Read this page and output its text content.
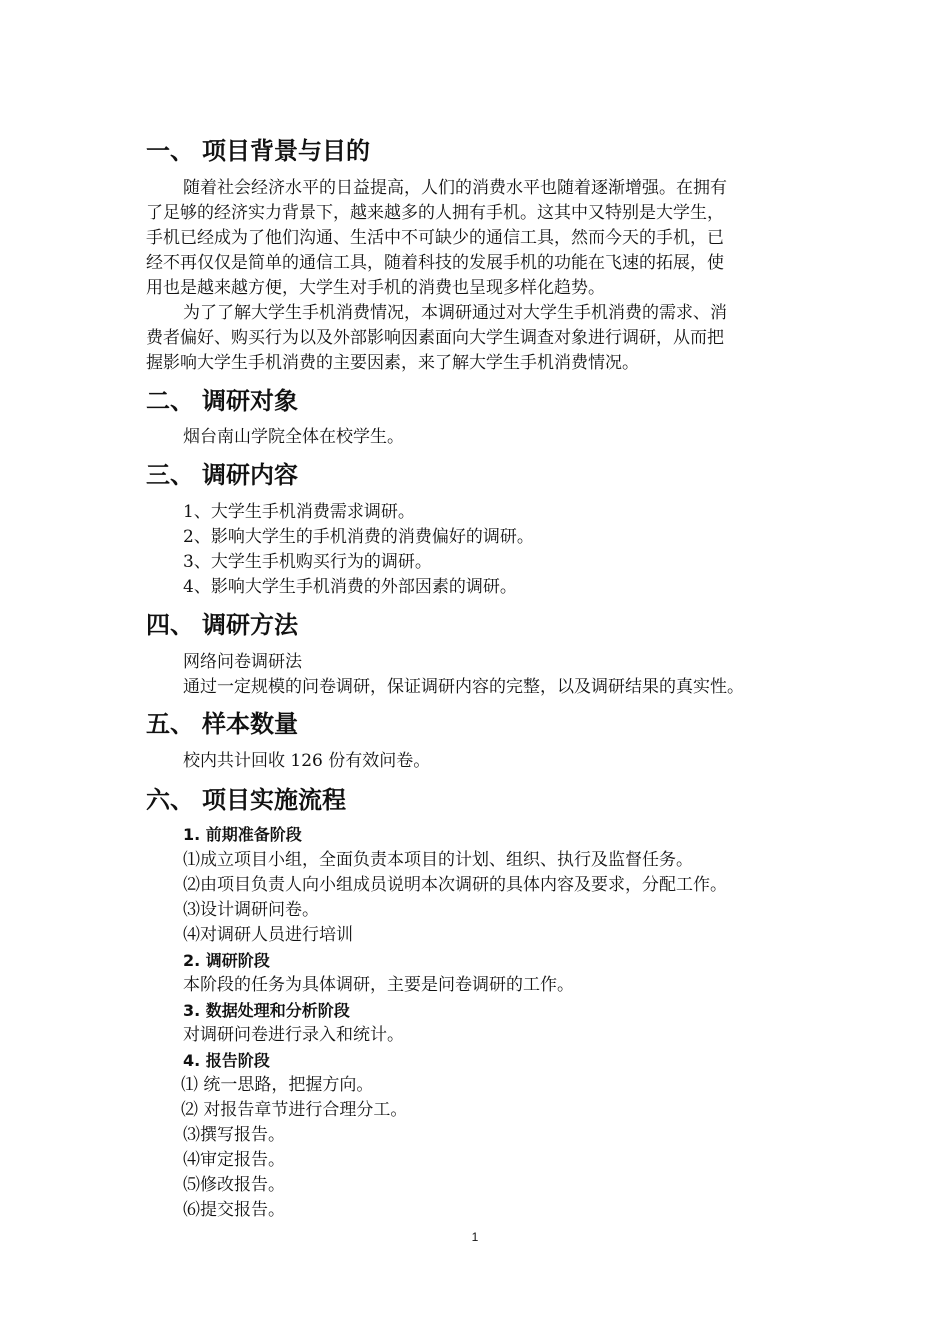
一、 项目背景与目的
随着社会经济水平的日益提高，人们的消费水平也随着逐渐增强。在拥有
了足够的经济实力背景下，越来越多的人拥有手机。这其中又特别是大学生，
手机已经成为了他们沟通、生活中不可缺少的通信工具，然而今天的手机，已
经不再仅仅是简单的通信工具，随着科技的发展手机的功能在飞速的拓展，使
用也是越来越方便，大学生对手机的消费也呈现多样化趋势。
为了了解大学生手机消费情况，本调研通过对大学生手机消费的需求、消
费者偏好、购买行为以及外部影响因素面向大学生调查对象进行调研，从而把
握影响大学生手机消费的主要因素，来了解大学生手机消费情况。
二、 调研对象
烟台南山学院全体在校学生。
三、 调研内容
1、大学生手机消费需求调研。
2、影响大学生的手机消费的消费偏好的调研。
3、大学生手机购买行为的调研。
4、影响大学生手机消费的外部因素的调研。
四、 调研方法
网络问卷调研法
通过一定规模的问卷调研，保证调研内容的完整，以及调研结果的真实性。
五、 样本数量
校内共计回收 126 份有效问卷。
六、 项目实施流程
1. 前期准备阶段
⑴成立项目小组，全面负责本项目的计划、组织、执行及监督任务。
⑵由项目负责人向小组成员说明本次调研的具体内容及要求，分配工作。
⑶设计调研问卷。
⑷对调研人员进行培训
2. 调研阶段
本阶段的任务为具体调研，主要是问卷调研的工作。
3. 数据处理和分析阶段
对调研问卷进行录入和统计。
4. 报告阶段
⑴ 统一思路，把握方向。
⑵ 对报告章节进行合理分工。
⑶撰写报告。
⑷审定报告。
⑸修改报告。
⑹提交报告。
1
